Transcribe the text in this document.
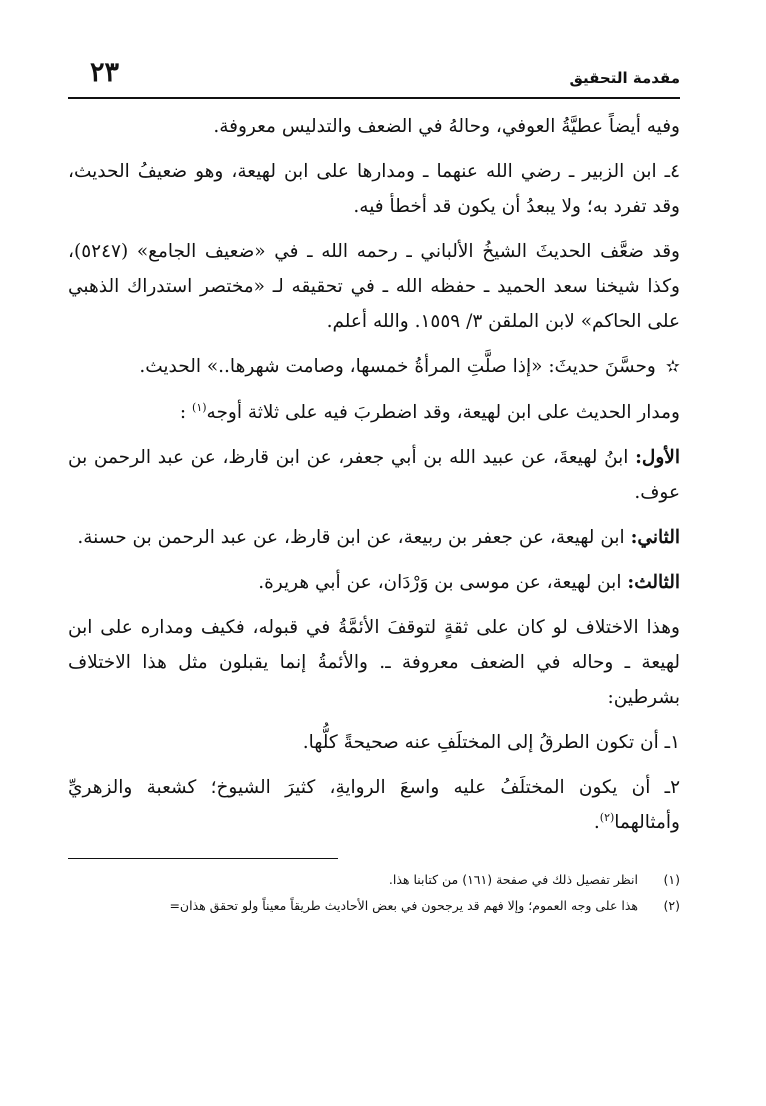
مقدمة التحقيق
٢٣

وفيه أيضاً عطيَّةُ العوفي، وحالهُ في الضعف والتدليس معروفة.

٤ـ ابن الزبير ـ رضي الله عنهما ـ ومدارها على ابن لهيعة، وهو ضعيفُ الحديث، وقد تفرد به؛ ولا يبعدُ أن يكون قد أخطأ فيه.

وقد ضعَّف الحديثَ الشيخُ الألباني ـ رحمه الله ـ في «ضعيف الجامع» (٥٢٤٧)، وكذا شيخنا سعد الحميد ـ حفظه الله ـ في تحقيقه لـ «مختصر استدراك الذهبي على الحاكم» لابن الملقن ٣/ ١٥٥٩. والله أعلم.

✫ وحسَّنَ حديثَ: «إذا صلَّتِ المرأةُ خمسها، وصامت شهرها..» الحديث.

ومدار الحديث على ابن لهيعة، وقد اضطربَ فيه على ثلاثة أوجه$^{(١)}$ :

الأول: ابنُ لهيعةَ، عن عبيد الله بن أبي جعفر، عن ابن قارظ، عن عبد الرحمن بن عوف.

الثاني: ابن لهيعة، عن جعفر بن ربيعة، عن ابن قارظ، عن عبد الرحمن بن حسنة.

الثالث: ابن لهيعة، عن موسى بن وَرْدَان، عن أبي هريرة.

وهذا الاختلاف لو كان على ثقةٍ لتوقفَ الأئمَّةُ في قبوله، فكيف ومداره على ابن لهيعة ـ وحاله في الضعف معروفة ـ. والأئمةُ إنما يقبلون مثل هذا الاختلاف بشرطين:

١ـ أن تكون الطرقُ إلى المختلَفِ عنه صحيحةً كلُّها.

٢ـ أن يكون المختلَفُ عليه واسعَ الروايةِ، كثيرَ الشيوخ؛ كشعبة والزهريِّ وأمثالهما$^{(٢)}$.

(١)
انظر تفصيل ذلك في صفحة (١٦١) من كتابنا هذا.
(٢)
هذا على وجه العموم؛ وإلا فهم قد يرجحون في بعض الأحاديث طريقاً معيناً ولو تحقق هذان=
